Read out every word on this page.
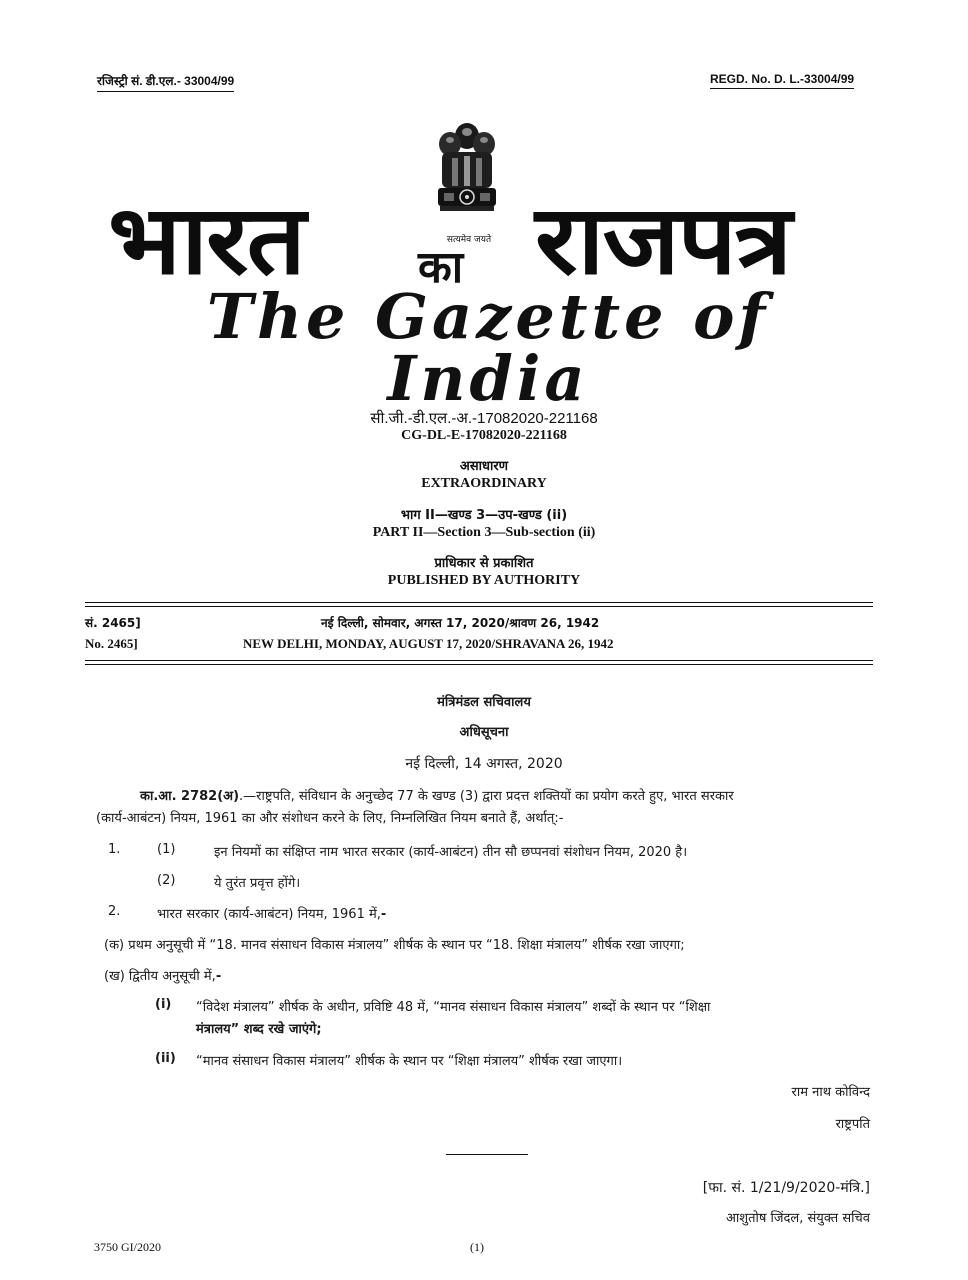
रजिस्ट्री सं. डी.एल.- 33004/99	REGD. No. D. L.-33004/99
भारत	का राजपत्र
सत्यमेव जयते
The Gazette of India
सी.जी.-डी.एल.-अ.-17082020-221168
CG-DL-E-17082020-221168
असाधारण
EXTRAORDINARY
भाग II—खण्ड 3—उप-खण्ड (ii)
PART II—Section 3—Sub-section (ii)
प्राधिकार से प्रकाशित
PUBLISHED BY AUTHORITY
सं. 2465]	नई दिल्ली, सोमवार, अगस्त 17, 2020/श्रावण 26, 1942
No. 2465]	NEW DELHI, MONDAY, AUGUST 17, 2020/SHRAVANA 26, 1942
मंत्रिमंडल सचिवालय
अधिसूचना
नई दिल्ली, 14 अगस्त, 2020
का.आ. 2782(अ).—राष्ट्रपति, संविधान के अनुच्छेद 77 के खण्ड (3) द्वारा प्रदत्त शक्तियों का प्रयोग करते हुए, भारत सरकार
(कार्य-आबंटन) नियम, 1961 का और संशोधन करने के लिए, निम्नलिखित नियम बनाते हैं, अर्थात्:-
1.	(1)	इन नियमों का संक्षिप्त नाम भारत सरकार (कार्य-आबंटन) तीन सौ छप्पनवां संशोधन नियम, 2020 है।
(2)	ये तुरंत प्रवृत्त होंगे।
2.	भारत सरकार (कार्य-आबंटन) नियम, 1961 में,-
(क) प्रथम अनुसूची में “18. मानव संसाधन विकास मंत्रालय” शीर्षक के स्थान पर “18. शिक्षा मंत्रालय” शीर्षक रखा जाएगा;
(ख) द्वितीय अनुसूची में,-
(i) “विदेश मंत्रालय” शीर्षक के अधीन, प्रविष्टि 48 में, “मानव संसाधन विकास मंत्रालय” शब्दों के स्थान पर “शिक्षा
मंत्रालय” शब्द रखे जाएंगे;
(ii) “मानव संसाधन विकास मंत्रालय” शीर्षक के स्थान पर “शिक्षा मंत्रालय” शीर्षक रखा जाएगा।
राम नाथ कोविन्द
राष्ट्रपति
[फा. सं. 1/21/9/2020-मंत्रि.]
आशुतोष जिंदल, संयुक्त सचिव
3750 GI/2020	(1)
